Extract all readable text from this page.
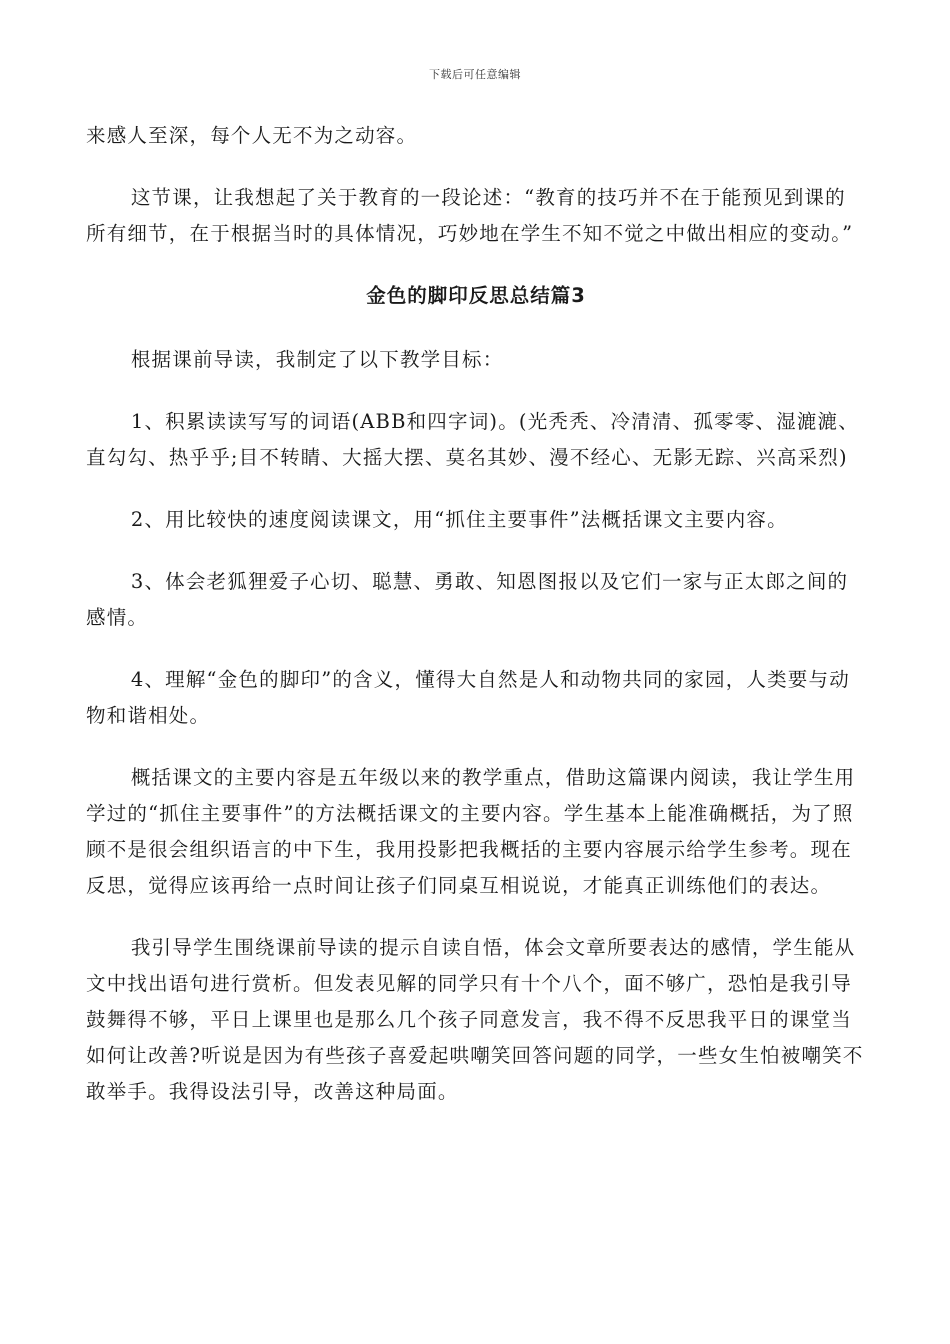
下载后可任意编辑

来感人至深，每个人无不为之动容。

这节课，让我想起了关于教育的一段论述：“教育的技巧并不在于能预见到课的所有细节，在于根据当时的具体情况，巧妙地在学生不知不觉之中做出相应的变动。”

金色的脚印反思总结篇3

根据课前导读，我制定了以下教学目标：

1、积累读读写写的词语(ABB和四字词)。(光秃秃、冷清清、孤零零、湿漉漉、直勾勾、热乎乎;目不转睛、大摇大摆、莫名其妙、漫不经心、无影无踪、兴高采烈)

2、用比较快的速度阅读课文，用“抓住主要事件”法概括课文主要内容。

3、体会老狐狸爱子心切、聪慧、勇敢、知恩图报以及它们一家与正太郎之间的感情。

4、理解“金色的脚印”的含义，懂得大自然是人和动物共同的家园，人类要与动物和谐相处。

概括课文的主要内容是五年级以来的教学重点，借助这篇课内阅读，我让学生用学过的“抓住主要事件”的方法概括课文的主要内容。学生基本上能准确概括，为了照顾不是很会组织语言的中下生，我用投影把我概括的主要内容展示给学生参考。现在反思，觉得应该再给一点时间让孩子们同桌互相说说，才能真正训练他们的表达。

我引导学生围绕课前导读的提示自读自悟，体会文章所要表达的感情，学生能从文中找出语句进行赏析。但发表见解的同学只有十个八个，面不够广，恐怕是我引导鼓舞得不够，平日上课里也是那么几个孩子同意发言，我不得不反思我平日的课堂当如何让改善?听说是因为有些孩子喜爱起哄嘲笑回答问题的同学，一些女生怕被嘲笑不敢举手。我得设法引导，改善这种局面。
